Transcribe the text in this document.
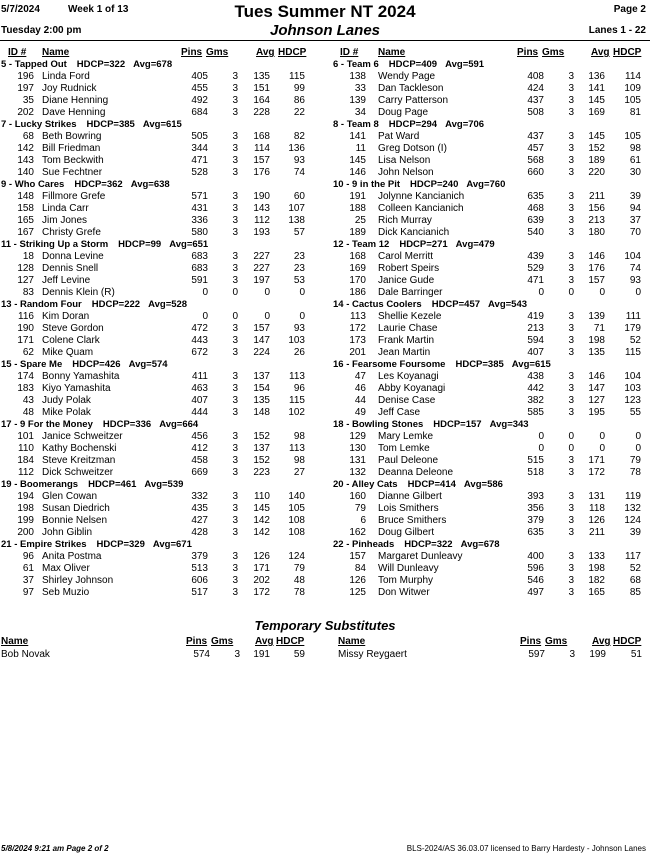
5/7/2024	Week 1 of 13	Tues Summer NT 2024	Page 2
Tuesday 2:00 pm	Johnson Lanes	Lanes 1 - 22
ID # Name	Pins Gms	Avg HDCP	ID # Name	Pins Gms	Avg HDCP
5 - Tapped Out HDCP=322 Avg=678
196 Linda Ford	405	3	135	115
197 Joy Rudnick	455	3	151	99
35 Diane Henning	492	3	164	86
202 Dave Henning	684	3	228	22
7 - Lucky Strikes HDCP=385 Avg=615
68 Beth Bowring	505	3	168	82
142 Bill Friedman	344	3	114	136
143 Tom Beckwith	471	3	157	93
140 Sue Fechtner	528	3	176	74
9 - Who Cares HDCP=362 Avg=638
148 Fillmore Grefe	571	3	190	60
158 Linda Carr	431	3	143	107
165 Jim Jones	336	3	112	138
167 Christy Grefe	580	3	193	57
11 - Striking Up a Storm HDCP=99 Avg=651
18 Donna Levine	683	3	227	23
128 Dennis Snell	683	3	227	23
127 Jeff Levine	591	3	197	53
83 Dennis Klein (R)	0	0	0	0
13 - Random Four HDCP=222 Avg=528
116 Kim Doran	0	0	0	0
190 Steve Gordon	472	3	157	93
171 Colene Clark	443	3	147	103
62 Mike Quam	672	3	224	26
15 - Spare Me HDCP=426 Avg=574
174 Bonny Yamashita	411	3	137	113
183 Kiyo Yamashita	463	3	154	96
43 Judy Polak	407	3	135	115
48 Mike Polak	444	3	148	102
17 - 9 For the Money HDCP=336 Avg=664
101 Janice Schweitzer	456	3	152	98
110 Kathy Bochenski	412	3	137	113
184 Steve Kreitzman	458	3	152	98
112 Dick Schweitzer	669	3	223	27
19 - Boomerangs HDCP=461 Avg=539
194 Glen Cowan	332	3	110	140
198 Susan Diedrich	435	3	145	105
199 Bonnie Nelsen	427	3	142	108
200 John Giblin	428	3	142	108
21 - Empire Strikes HDCP=329 Avg=671
96 Anita Postma	379	3	126	124
61 Max Oliver	513	3	171	79
37 Shirley Johnson	606	3	202	48
97 Seb Muzio	517	3	172	78
6 - Team 6 HDCP=409 Avg=591
138 Wendy Page	408	3	136	114
33 Dan Tackleson	424	3	141	109
139 Carry Patterson	437	3	145	105
34 Doug Page	508	3	169	81
8 - Team 8 HDCP=294 Avg=706
141 Pat Ward	437	3	145	105
11 Greg Dotson (I)	457	3	152	98
145 Lisa Nelson	568	3	189	61
146 John Nelson	660	3	220	30
10 - 9 in the Pit HDCP=240 Avg=760
191 Jolynne Kancianich	635	3	211	39
188 Colleen Kancianich	468	3	156	94
25 Rich Murray	639	3	213	37
189 Dick Kancianich	540	3	180	70
12 - Team 12 HDCP=271 Avg=479
168 Carol Merritt	439	3	146	104
169 Robert Speirs	529	3	176	74
170 Janice Gude	471	3	157	93
186 Dale Barringer	0	0	0	0
14 - Cactus Coolers HDCP=457 Avg=543
113 Shellie Kezele	419	3	139	111
172 Laurie Chase	213	3	71	179
173 Frank Martin	594	3	198	52
201 Jean Martin	407	3	135	115
16 - Fearsome Foursome HDCP=385 Avg=615
47 Les Koyanagi	438	3	146	104
46 Abby Koyanagi	442	3	147	103
44 Denise Case	382	3	127	123
49 Jeff Case	585	3	195	55
18 - Bowling Stones HDCP=157 Avg=343
129 Mary Lemke	0	0	0	0
130 Tom Lemke	0	0	0	0
131 Paul Deleone	515	3	171	79
132 Deanna Deleone	518	3	172	78
20 - Alley Cats HDCP=414 Avg=586
160 Dianne Gilbert	393	3	131	119
79 Lois Smithers	356	3	118	132
6 Bruce Smithers	379	3	126	124
162 Doug Gilbert	635	3	211	39
22 - Pinheads HDCP=322 Avg=678
157 Margaret Dunleavy	400	3	133	117
84 Will Dunleavy	596	3	198	52
126 Tom Murphy	546	3	182	68
125 Don Witwer	497	3	165	85
Temporary Substitutes
Name	Pins Gms Avg HDCP	Name	Pins Gms Avg HDCP
Bob Novak	574	3	191	59	Missy Reygaert	597	3	199	51
5/8/2024 9:21 am Page 2 of 2	BLS-2024/AS 36.03.07 licensed to Barry Hardesty - Johnson Lanes
